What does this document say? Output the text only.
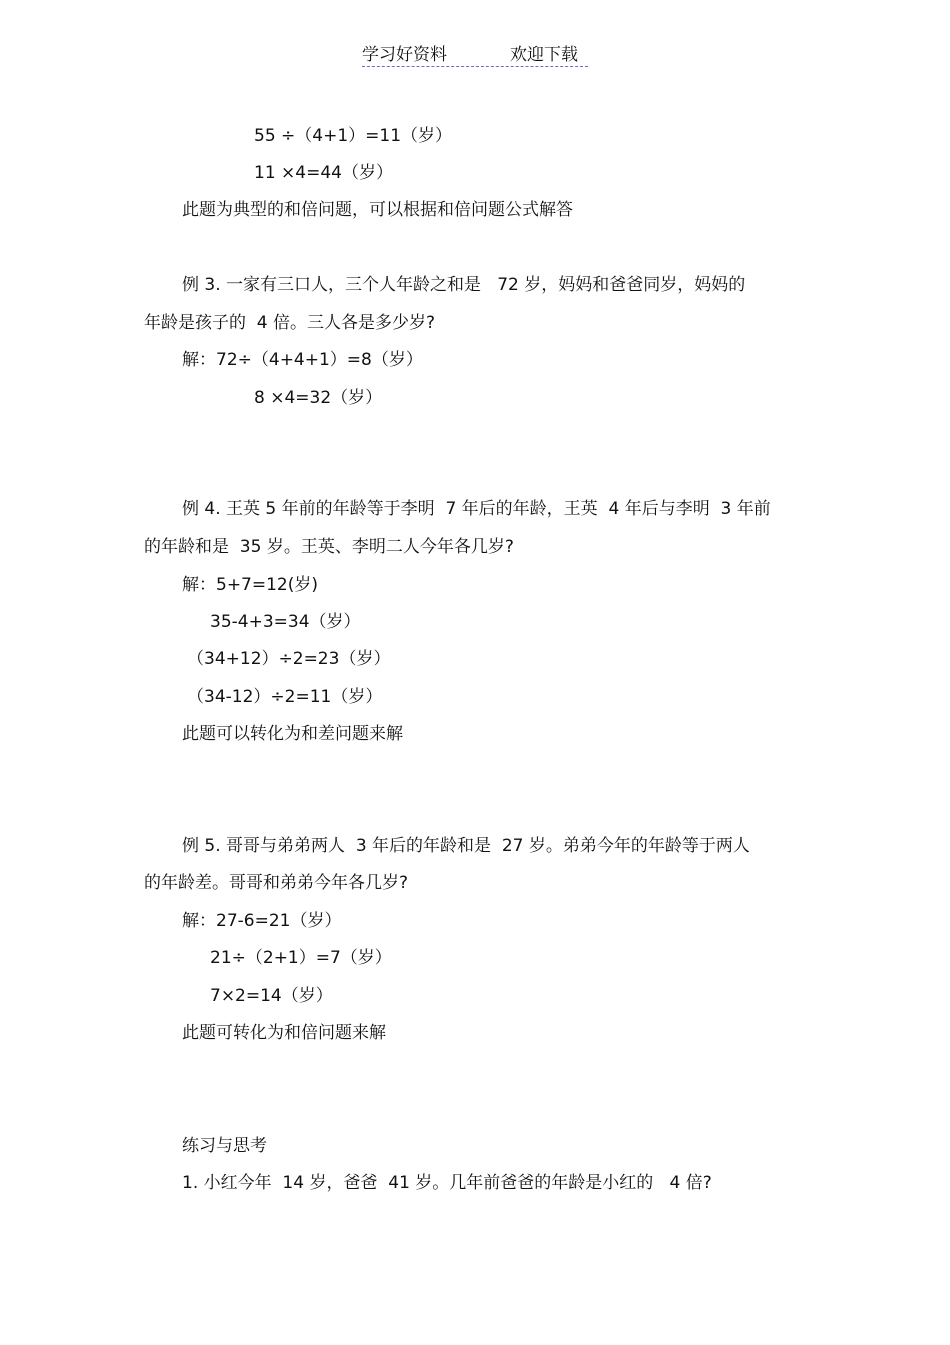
学习好资料	欢迎下载
55 ÷（4+1）=11（岁）
11 ×4=44（岁）
此题为典型的和倍问题，可以根据和倍问题公式解答
例 3. 一家有三口人，三个人年龄之和是   72 岁，妈妈和爸爸同岁，妈妈的
年龄是孩子的  4 倍。三人各是多少岁?
解：72÷（4+4+1）=8（岁）
8 ×4=32（岁）
例 4. 王英 5 年前的年龄等于李明  7 年后的年龄，王英  4 年后与李明  3 年前
的年龄和是  35 岁。王英、李明二人今年各几岁?
解：5+7=12(岁)
35-4+3=34（岁）
（34+12）÷2=23（岁）
（34-12）÷2=11（岁）
此题可以转化为和差问题来解
例 5. 哥哥与弟弟两人  3 年后的年龄和是  27 岁。弟弟今年的年龄等于两人
的年龄差。哥哥和弟弟今年各几岁?
解：27-6=21（岁）
21÷（2+1）=7（岁）
7×2=14（岁）
此题可转化为和倍问题来解
练习与思考
1. 小红今年  14 岁，爸爸  41 岁。几年前爸爸的年龄是小红的   4 倍?
